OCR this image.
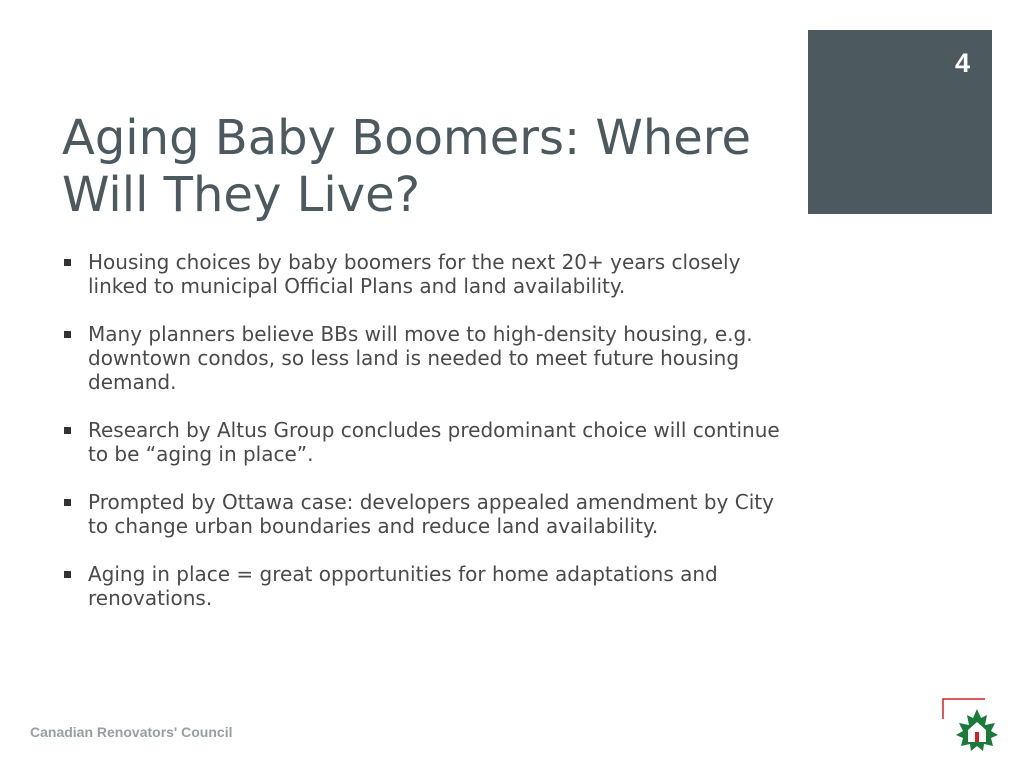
4
Aging Baby Boomers: Where Will They Live?
Housing choices by baby boomers for the next 20+ years closely linked to municipal Official Plans and land availability.
Many planners believe BBs will move to high-density housing, e.g. downtown condos, so less land is needed to meet future housing demand.
Research by Altus Group concludes predominant choice will continue to be “aging in place”.
Prompted by Ottawa case: developers appealed amendment by City to change urban boundaries and reduce land availability.
Aging in place = great opportunities for home adaptations and renovations.
Canadian Renovators' Council
